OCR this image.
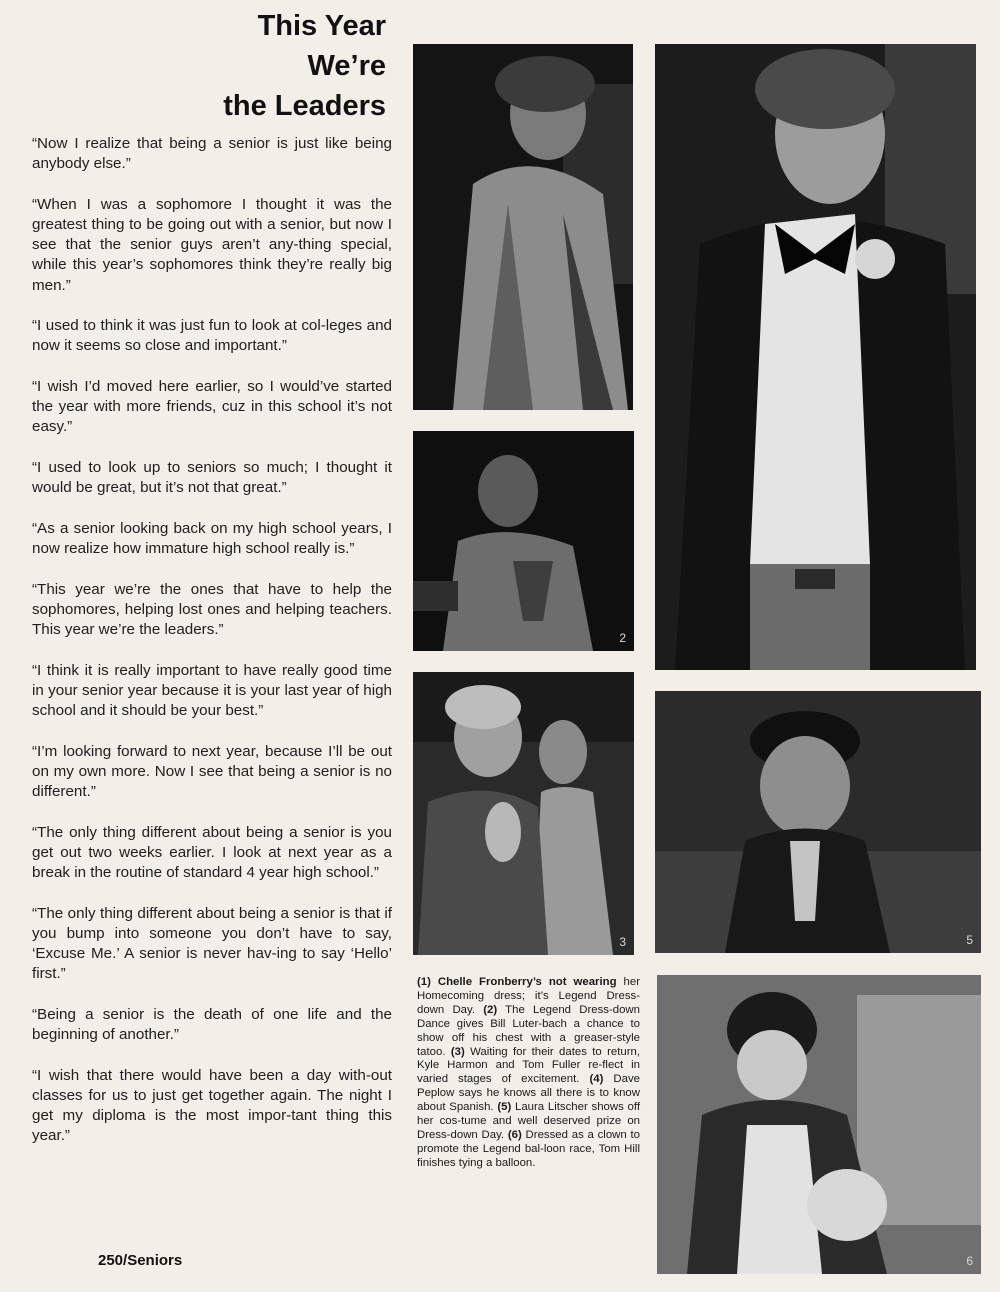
This Year
We’re
the Leaders

“Now I realize that being a senior is just like being anybody else.”

“When I was a sophomore I thought it was the greatest thing to be going out with a senior, but now I see that the senior guys aren’t any-thing special, while this year’s sophomores think they’re really big men.”

“I used to think it was just fun to look at col-leges and now it seems so close and important.”

“I wish I’d moved here earlier, so I would’ve started the year with more friends, cuz in this school it’s not easy.”

“I used to look up to seniors so much; I thought it would be great, but it’s not that great.”

“As a senior looking back on my high school years, I now realize how immature high school really is.”

“This year we’re the ones that have to help the sophomores, helping lost ones and helping teachers. This year we’re the leaders.”

“I think it is really important to have really good time in your senior year because it is your last year of high school and it should be your best.”

“I’m looking forward to next year, because I’ll be out on my own more. Now I see that being a senior is no different.”

“The only thing different about being a senior is you get out two weeks earlier. I look at next year as a break in the routine of standard 4 year high school.”

“The only thing different about being a senior is that if you bump into someone you don’t have to say, ‘Excuse Me.’ A senior is never hav-ing to say ‘Hello’ first.”

“Being a senior is the death of one life and the beginning of another.”

“I wish that there would have been a day with-out classes for us to just get together again. The night I get my diploma is the most impor-tant thing this year.”

250/Seniors
2
3	5
6
(1) Chelle Fronberry’s not wearing her Homecoming dress; it’s Legend Dress-down Day. (2) The Legend Dress-down Dance gives Bill Luter-bach a chance to show off his chest with a greaser-style tatoo. (3) Waiting for their dates to return, Kyle Harmon and Tom Fuller re-flect in varied stages of excitement. (4) Dave Peplow says he knows all there is to know about Spanish. (5) Laura Litscher shows off her cos-tume and well deserved prize on Dress-down Day. (6) Dressed as a clown to promote the Legend bal-loon race, Tom Hill finishes tying a balloon.
